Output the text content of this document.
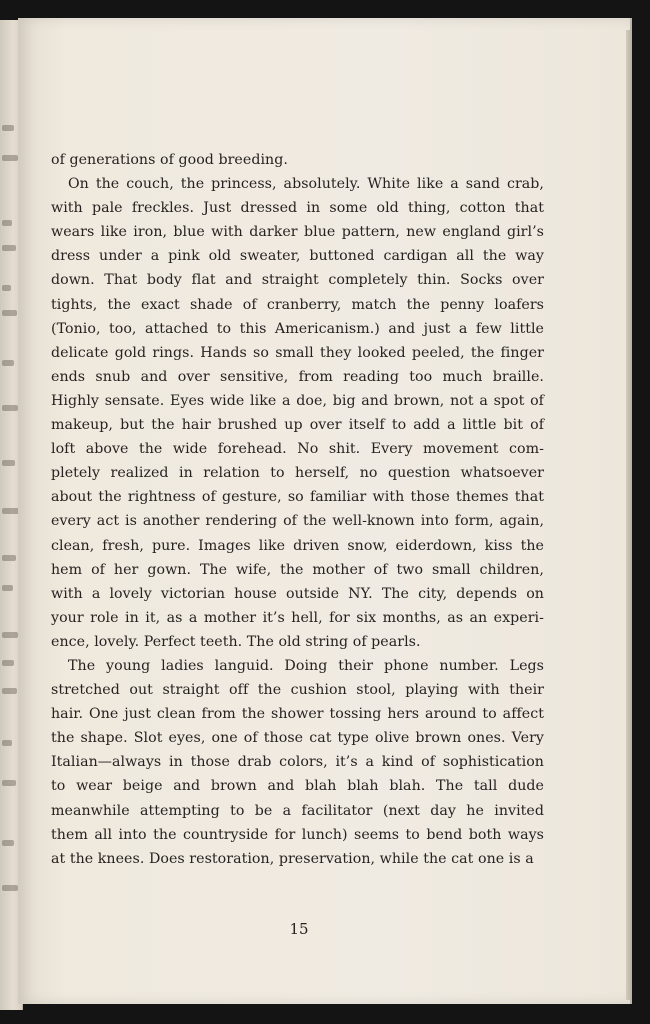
of generations of good breeding.
On the couch, the princess, absolutely. White like a sand crab,
with pale freckles. Just dressed in some old thing, cotton that
wears like iron, blue with darker blue pattern, new england girl’s
dress under a pink old sweater, buttoned cardigan all the way
down. That body flat and straight completely thin. Socks over
tights, the exact shade of cranberry, match the penny loafers
(Tonio, too, attached to this Americanism.) and just a few little
delicate gold rings. Hands so small they looked peeled, the finger
ends snub and over sensitive, from reading too much braille.
Highly sensate. Eyes wide like a doe, big and brown, not a spot of
makeup, but the hair brushed up over itself to add a little bit of
loft above the wide forehead. No shit. Every movement com-
pletely realized in relation to herself, no question whatsoever
about the rightness of gesture, so familiar with those themes that
every act is another rendering of the well-known into form, again,
clean, fresh, pure. Images like driven snow, eiderdown, kiss the
hem of her gown. The wife, the mother of two small children,
with a lovely victorian house outside NY. The city, depends on
your role in it, as a mother it’s hell, for six months, as an experi-
ence, lovely. Perfect teeth. The old string of pearls.
The young ladies languid. Doing their phone number. Legs
stretched out straight off the cushion stool, playing with their
hair. One just clean from the shower tossing hers around to affect
the shape. Slot eyes, one of those cat type olive brown ones. Very
Italian—always in those drab colors, it’s a kind of sophistication
to wear beige and brown and blah blah blah. The tall dude
meanwhile attempting to be a facilitator (next day he invited
them all into the countryside for lunch) seems to bend both ways
at the knees. Does restoration, preservation, while the cat one is a
15
